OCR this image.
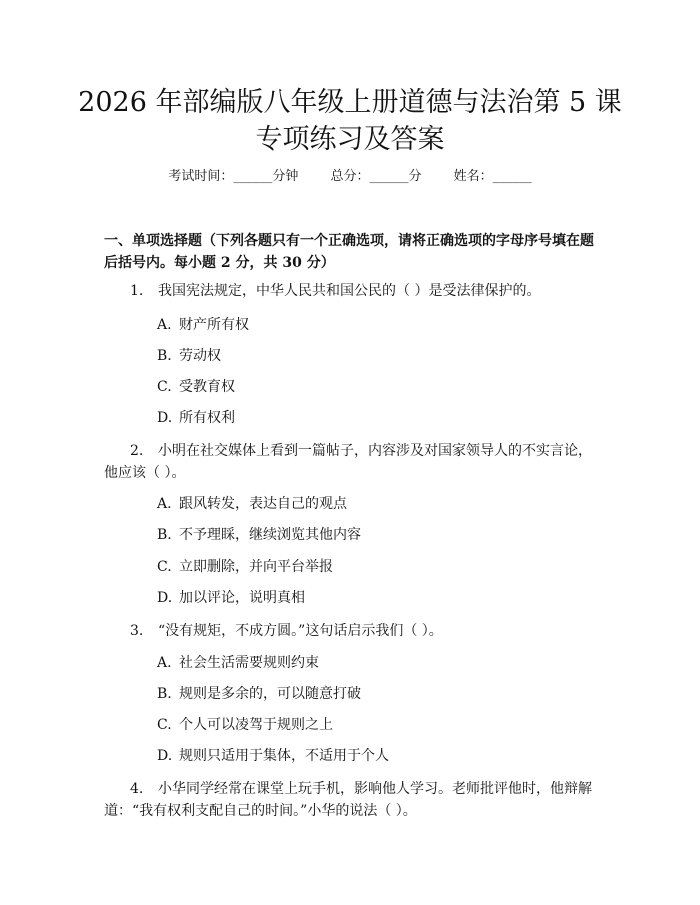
2026 年部编版八年级上册道德与法治第 5 课
专项练习及答案
考试时间：______分钟 总分：______分 姓名：______
一、单项选择题（下列各题只有一个正确选项，请将正确选项的字母序号填在题后括号内。每小题 2 分，共 30 分）
1. 我国宪法规定，中华人民共和国公民的（ ）是受法律保护的。
A. 财产所有权
B. 劳动权
C. 受教育权
D. 所有权利
2. 小明在社交媒体上看到一篇帖子，内容涉及对国家领导人的不实言论，他应该（ ）。
A. 跟风转发，表达自己的观点
B. 不予理睬，继续浏览其他内容
C. 立即删除，并向平台举报
D. 加以评论，说明真相
3. “没有规矩，不成方圆。”这句话启示我们（ ）。
A. 社会生活需要规则约束
B. 规则是多余的，可以随意打破
C. 个人可以凌驾于规则之上
D. 规则只适用于集体，不适用于个人
4. 小华同学经常在课堂上玩手机，影响他人学习。老师批评他时，他辩解道：“我有权利支配自己的时间。”小华的说法（ ）。
